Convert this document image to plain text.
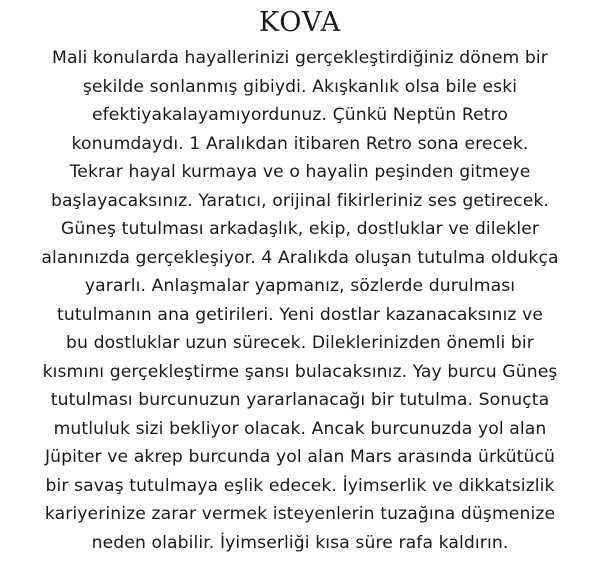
KOVA
Mali konularda hayallerinizi gerçekleştirdiğiniz dönem bir
şekilde sonlanmış gibiydi. Akışkanlık olsa bile eski
efektiyakalayamıyordunuz. Çünkü Neptün Retro
konumdaydı. 1 Aralıkdan itibaren Retro sona erecek.
Tekrar hayal kurmaya ve o hayalin peşinden gitmeye
başlayacaksınız. Yaratıcı, orijinal fikirleriniz ses getirecek.
Güneş tutulması arkadaşlık, ekip, dostluklar ve dilekler
alanınızda gerçekleşiyor. 4 Aralıkda oluşan tutulma oldukça
yararlı. Anlaşmalar yapmanız, sözlerde durulması
tutulmanın ana getirileri. Yeni dostlar kazanacaksınız ve
bu dostluklar uzun sürecek. Dileklerinizden önemli bir
kısmını gerçekleştirme şansı bulacaksınız. Yay burcu Güneş
tutulması burcunuzun yararlanacağı bir tutulma. Sonuçta
mutluluk sizi bekliyor olacak. Ancak burcunuzda yol alan
Jüpiter ve akrep burcunda yol alan Mars arasında ürkütücü
bir savaş tutulmaya eşlik edecek. İyimserlik ve dikkatsizlik
kariyerinize zarar vermek isteyenlerin tuzağına düşmenize
neden olabilir. İyimserliği kısa süre rafa kaldırın.
